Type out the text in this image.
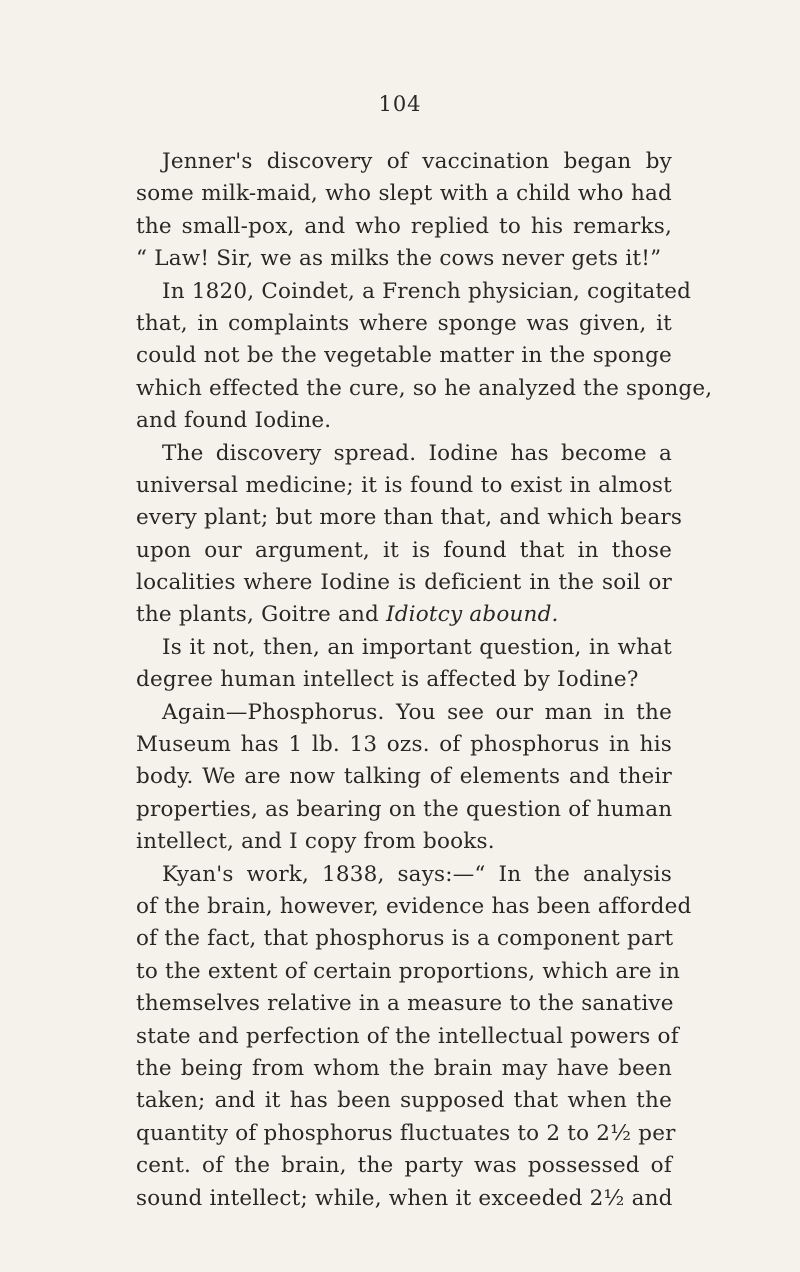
104
Jenner's discovery of vaccination began by
some milk-maid, who slept with a child who had
the small-pox, and who replied to his remarks,
“ Law! Sir, we as milks the cows never gets it!”
In 1820, Coindet, a French physician, cogitated
that, in complaints where sponge was given, it
could not be the vegetable matter in the sponge
which effected the cure, so he analyzed the sponge,
and found Iodine.
The discovery spread. Iodine has become a
universal medicine; it is found to exist in almost
every plant; but more than that, and which bears
upon our argument, it is found that in those
localities where Iodine is deficient in the soil or
the plants, Goitre and Idiotcy abound.
Is it not, then, an important question, in what
degree human intellect is affected by Iodine?
Again—Phosphorus. You see our man in the
Museum has 1 lb. 13 ozs. of phosphorus in his
body. We are now talking of elements and their
properties, as bearing on the question of human
intellect, and I copy from books.
Kyan's work, 1838, says:—“ In the analysis
of the brain, however, evidence has been afforded
of the fact, that phosphorus is a component part
to the extent of certain proportions, which are in
themselves relative in a measure to the sanative
state and perfection of the intellectual powers of
the being from whom the brain may have been
taken; and it has been supposed that when the
quantity of phosphorus fluctuates to 2 to 2½ per
cent. of the brain, the party was possessed of
sound intellect; while, when it exceeded 2½ and
